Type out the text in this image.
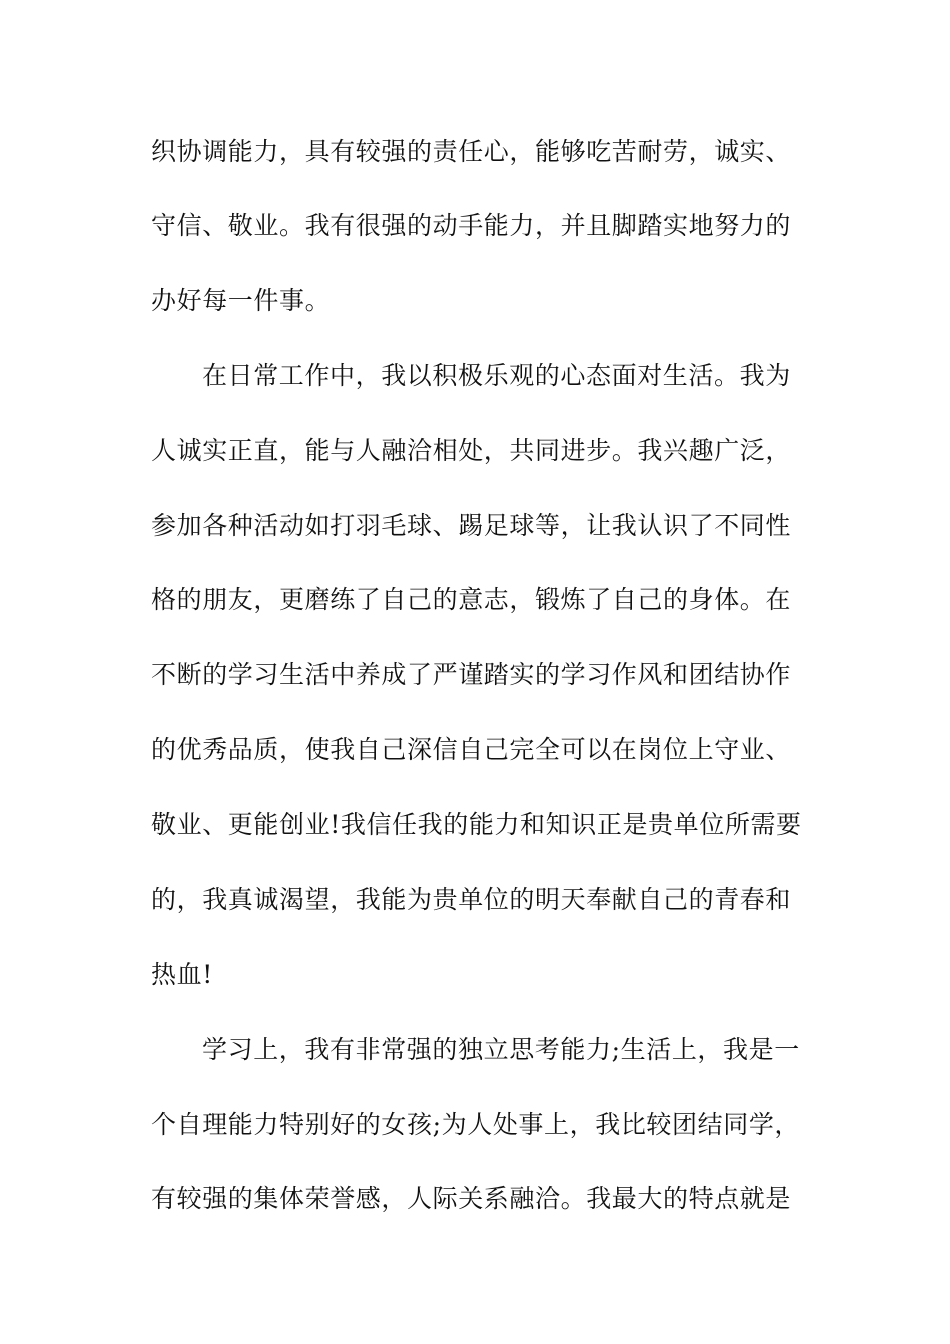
织协调能力，具有较强的责任心，能够吃苦耐劳，诚实、
守信、敬业。我有很强的动手能力，并且脚踏实地努力的
办好每一件事。
在日常工作中，我以积极乐观的心态面对生活。我为
人诚实正直，能与人融洽相处，共同进步。我兴趣广泛，
参加各种活动如打羽毛球、踢足球等，让我认识了不同性
格的朋友，更磨练了自己的意志，锻炼了自己的身体。在
不断的学习生活中养成了严谨踏实的学习作风和团结协作
的优秀品质，使我自己深信自己完全可以在岗位上守业、
敬业、更能创业!我信任我的能力和知识正是贵单位所需要
的，我真诚渴望，我能为贵单位的明天奉献自己的青春和
热血!
学习上，我有非常强的独立思考能力;生活上，我是一
个自理能力特别好的女孩;为人处事上，我比较团结同学，
有较强的集体荣誉感，人际关系融洽。我最大的特点就是
